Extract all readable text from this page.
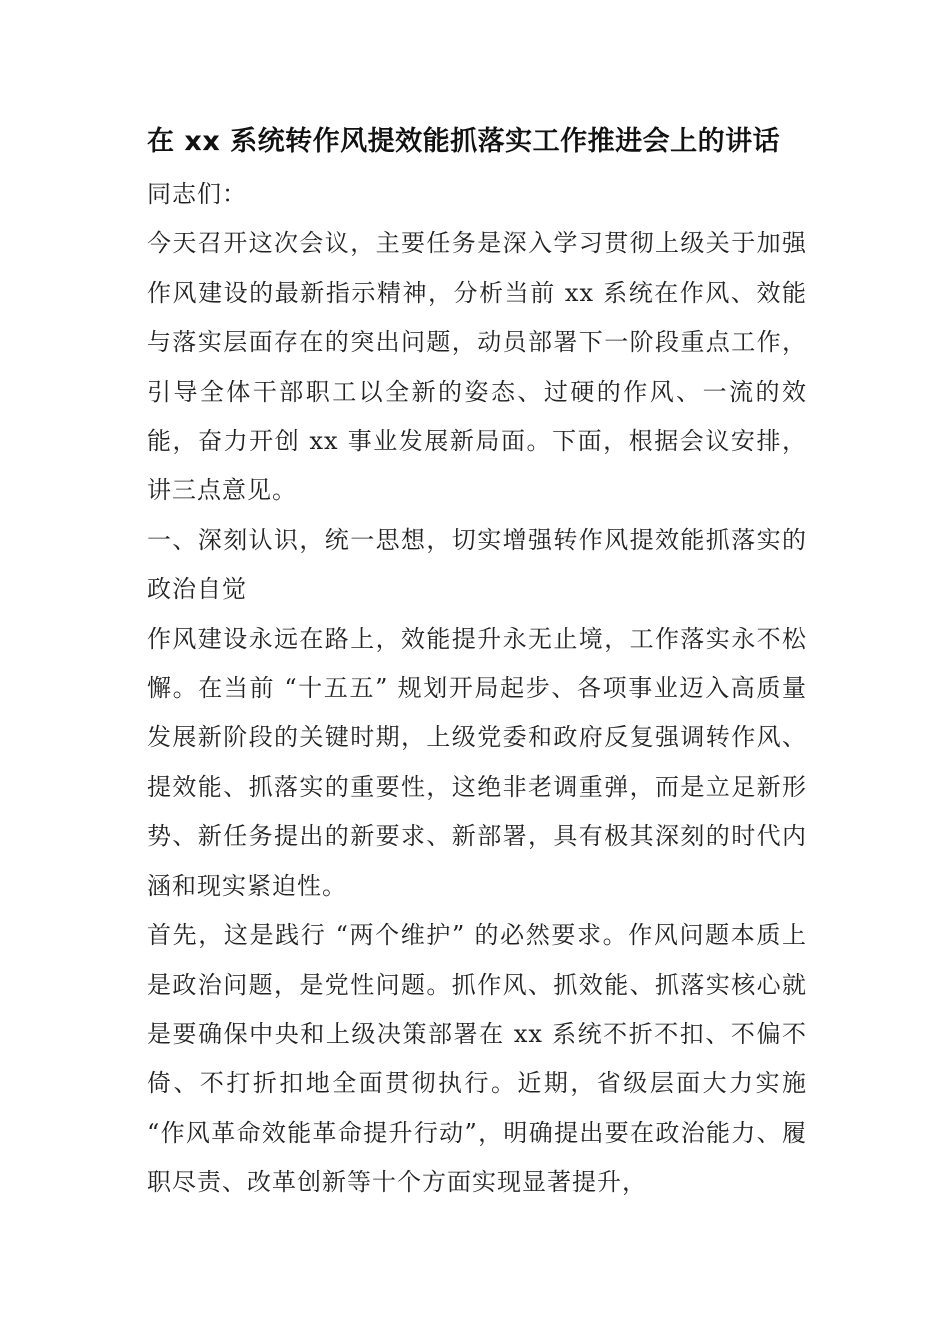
在 xx 系统转作风提效能抓落实工作推进会上的讲话

同志们：

今天召开这次会议，主要任务是深入学习贯彻上级关于加强作风建设的最新指示精神，分析当前 xx 系统在作风、效能与落实层面存在的突出问题，动员部署下一阶段重点工作，引导全体干部职工以全新的姿态、过硬的作风、一流的效能，奋力开创 xx 事业发展新局面。下面，根据会议安排，讲三点意见。

一、深刻认识，统一思想，切实增强转作风提效能抓落实的政治自觉

作风建设永远在路上，效能提升永无止境，工作落实永不松懈。在当前 “十五五” 规划开局起步、各项事业迈入高质量发展新阶段的关键时期，上级党委和政府反复强调转作风、提效能、抓落实的重要性，这绝非老调重弹，而是立足新形势、新任务提出的新要求、新部署，具有极其深刻的时代内涵和现实紧迫性。

首先，这是践行 “两个维护” 的必然要求。作风问题本质上是政治问题，是党性问题。抓作风、抓效能、抓落实核心就是要确保中央和上级决策部署在 xx 系统不折不扣、不偏不倚、不打折扣地全面贯彻执行。近期，省级层面大力实施 “作风革命效能革命提升行动”，明确提出要在政治能力、履职尽责、改革创新等十个方面实现显著提升，
